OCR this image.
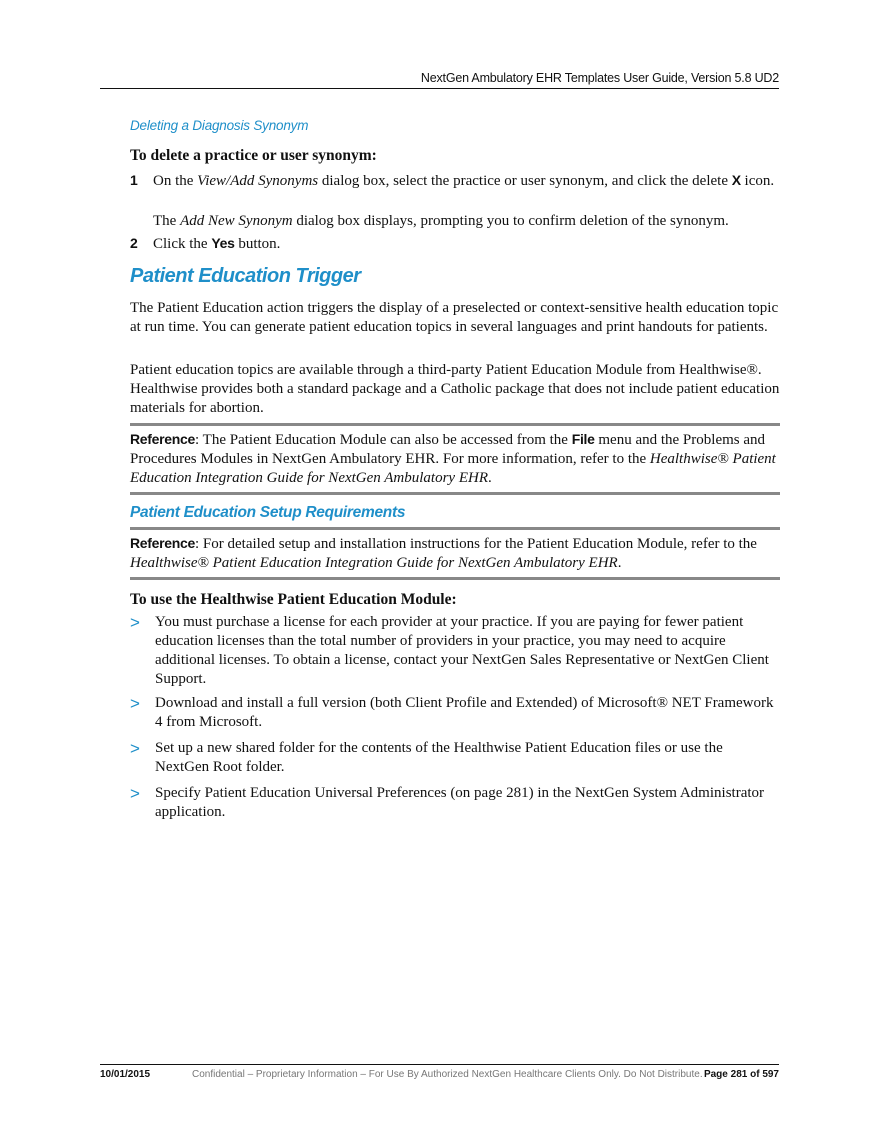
NextGen Ambulatory EHR Templates User Guide, Version 5.8 UD2
Deleting a Diagnosis Synonym
To delete a practice or user synonym:
1 On the View/Add Synonyms dialog box, select the practice or user synonym, and click the delete X icon.
The Add New Synonym dialog box displays, prompting you to confirm deletion of the synonym.
2 Click the Yes button.
Patient Education Trigger
The Patient Education action triggers the display of a preselected or context-sensitive health education topic at run time. You can generate patient education topics in several languages and print handouts for patients.
Patient education topics are available through a third-party Patient Education Module from Healthwise®. Healthwise provides both a standard package and a Catholic package that does not include patient education materials for abortion.
Reference: The Patient Education Module can also be accessed from the File menu and the Problems and Procedures Modules in NextGen Ambulatory EHR. For more information, refer to the Healthwise® Patient Education Integration Guide for NextGen Ambulatory EHR.
Patient Education Setup Requirements
Reference: For detailed setup and installation instructions for the Patient Education Module, refer to the Healthwise® Patient Education Integration Guide for NextGen Ambulatory EHR.
To use the Healthwise Patient Education Module:
> You must purchase a license for each provider at your practice. If you are paying for fewer patient education licenses than the total number of providers in your practice, you may need to acquire additional licenses. To obtain a license, contact your NextGen Sales Representative or NextGen Client Support.
> Download and install a full version (both Client Profile and Extended) of Microsoft® NET Framework 4 from Microsoft.
> Set up a new shared folder for the contents of the Healthwise Patient Education files or use the NextGen Root folder.
> Specify Patient Education Universal Preferences (on page 281) in the NextGen System Administrator application.
10/01/2015	Confidential – Proprietary Information – For Use By Authorized NextGen Healthcare Clients Only. Do Not Distribute. Page 281 of 597
